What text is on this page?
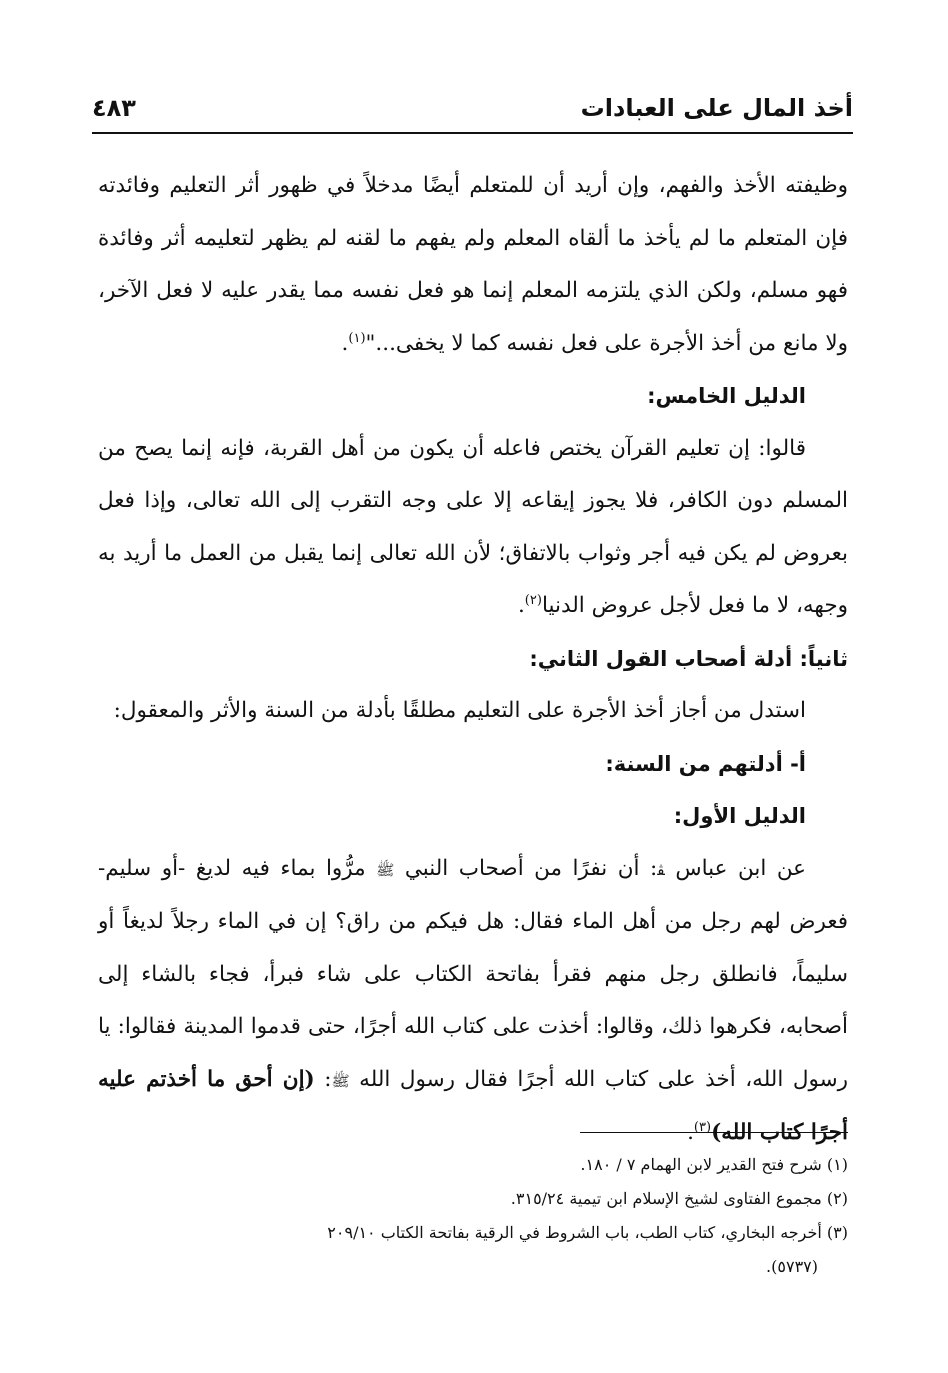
أخذ المال على العبادات
٤٨٣

وظيفته الأخذ والفهم، وإن أريد أن للمتعلم أيضًا مدخلاً في ظهور أثر التعليم وفائدته فإن المتعلم ما لم يأخذ ما ألقاه المعلم ولم يفهم ما لقنه لم يظهر لتعليمه أثر وفائدة فهو مسلم، ولكن الذي يلتزمه المعلم إنما هو فعل نفسه مما يقدر عليه لا فعل الآخر، ولا مانع من أخذ الأجرة على فعل نفسه كما لا يخفى..."$^{(١)}$.

الدليل الخامس:

قالوا: إن تعليم القرآن يختص فاعله أن يكون من أهل القربة، فإنه إنما يصح من المسلم دون الكافر، فلا يجوز إيقاعه إلا على وجه التقرب إلى الله تعالى، وإذا فعل بعروض لم يكن فيه أجر وثواب بالاتفاق؛ لأن الله تعالى إنما يقبل من العمل ما أريد به وجهه، لا ما فعل لأجل عروض الدنيا$^{(٢)}$.

ثانياً: أدلة أصحاب القول الثاني:

استدل من أجاز أخذ الأجرة على التعليم مطلقًا بأدلة من السنة والأثر والمعقول:

أ- أدلتهم من السنة:

الدليل الأول:

عن ابن عباس ﭭ: أن نفرًا من أصحاب النبي ﷺ مرُّوا بماء فيه لديغ -أو سليم- فعرض لهم رجل من أهل الماء فقال: هل فيكم من راق؟ إن في الماء رجلاً لديغاً أو سليماً، فانطلق رجل منهم فقرأ بفاتحة الكتاب على شاء فبرأ، فجاء بالشاء إلى أصحابه، فكرهوا ذلك، وقالوا: أخذت على كتاب الله أجرًا، حتى قدموا المدينة فقالوا: يا رسول الله، أخذ على كتاب الله أجرًا فقال رسول الله ﷺ: (إن أحق ما أخذتم عليه أجرًا كتاب الله)$^{(٣)}$.

(١) شرح فتح القدير لابن الهمام ٧ / ١٨٠.

(٢) مجموع الفتاوى لشيخ الإسلام ابن تيمية ٣١٥/٢٤.

(٣) أخرجه البخاري، كتاب الطب، باب الشروط في الرقية بفاتحة الكتاب ٢٠٩/١٠

(٥٧٣٧).
